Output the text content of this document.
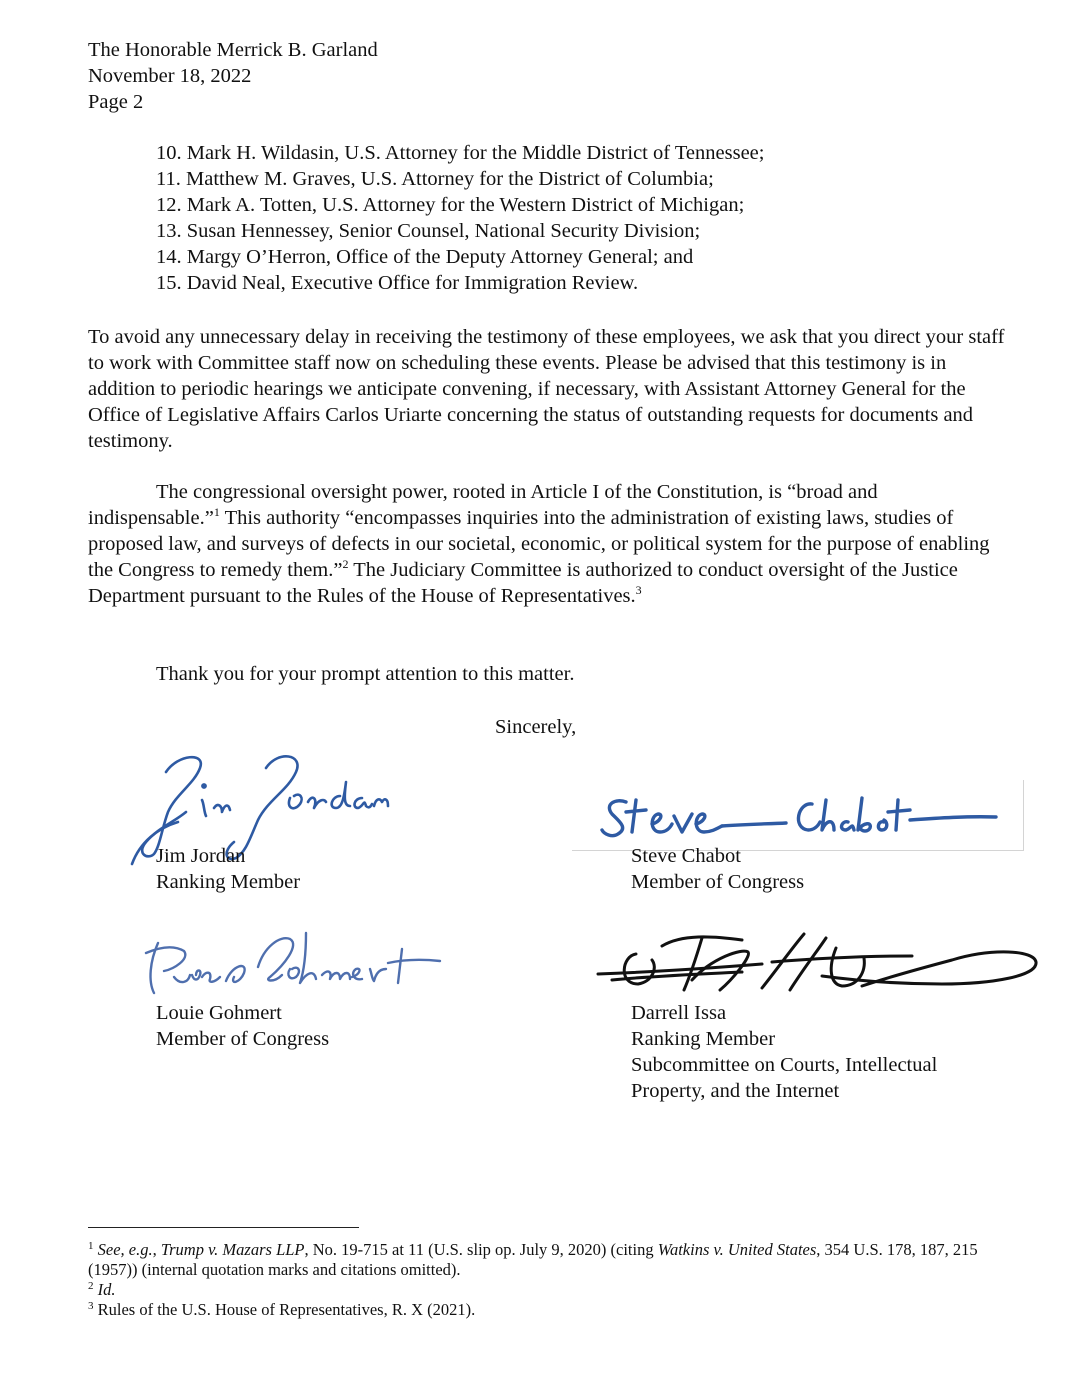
The Honorable Merrick B. Garland
November 18, 2022
Page 2
10. Mark H. Wildasin, U.S. Attorney for the Middle District of Tennessee;
11. Matthew M. Graves, U.S. Attorney for the District of Columbia;
12. Mark A. Totten, U.S. Attorney for the Western District of Michigan;
13. Susan Hennessey, Senior Counsel, National Security Division;
14. Margy O’Herron, Office of the Deputy Attorney General; and
15. David Neal, Executive Office for Immigration Review.

To avoid any unnecessary delay in receiving the testimony of these employees, we ask that you direct your staff to work with Committee staff now on scheduling these events. Please be advised that this testimony is in addition to periodic hearings we anticipate convening, if necessary, with Assistant Attorney General for the Office of Legislative Affairs Carlos Uriarte concerning the status of outstanding requests for documents and testimony.

The congressional oversight power, rooted in Article I of the Constitution, is “broad and indispensable.”$^1$ This authority “encompasses inquiries into the administration of existing laws, studies of proposed law, and surveys of defects in our societal, economic, or political system for the purpose of enabling the Congress to remedy them.”$^2$ The Judiciary Committee is authorized to conduct oversight of the Justice Department pursuant to the Rules of the House of Representatives.$^3$

Thank you for your prompt attention to this matter.
Sincerely,
Jim Jordan
Ranking Member
Steve Chabot
Member of Congress
Louie Gohmert
Member of Congress
Darrell Issa
Ranking Member
Subcommittee on Courts, Intellectual
Property, and the Internet
$^1$ See, e.g., Trump v. Mazars LLP, No. 19-715 at 11 (U.S. slip op. July 9, 2020) (citing Watkins v. United States, 354 U.S. 178, 187, 215 (1957)) (internal quotation marks and citations omitted).
$^2$ Id.
$^3$ Rules of the U.S. House of Representatives, R. X (2021).
